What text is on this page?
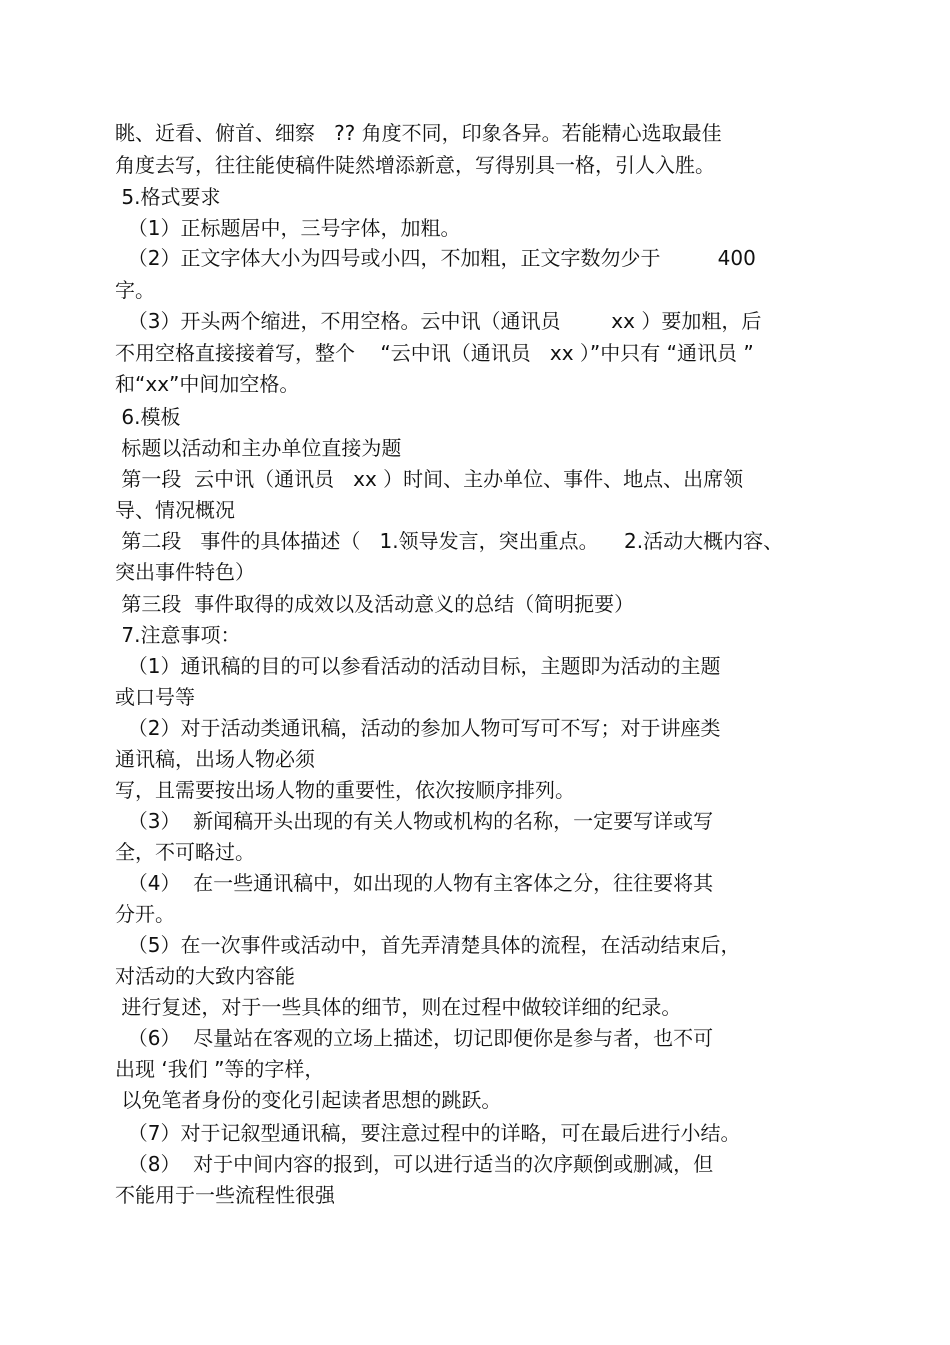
眺、近看、俯首、细察   ?? 角度不同，印象各异。若能精心选取最佳

角度去写，往往能使稿件陡然增添新意，写得别具一格，引人入胜。

5.格式要求

（1）正标题居中，三号字体，加粗。

（2）正文字体大小为四号或小四，不加粗，正文字数勿少于         400

字。

（3）开头两个缩进，不用空格。云中讯（通讯员        xx ）要加粗，后

不用空格直接接着写，整个    “云中讯（通讯员   xx ）”中只有 “通讯员 ”

和“xx”中间加空格。

6.模板

标题以活动和主办单位直接为题

第一段  云中讯（通讯员   xx ）时间、主办单位、事件、地点、出席领

导、情况概况

第二段   事件的具体描述（   1.领导发言，突出重点。    2.活动大概内容、

突出事件特色）

第三段  事件取得的成效以及活动意义的总结（简明扼要）

7.注意事项：

（1）通讯稿的目的可以参看活动的活动目标，主题即为活动的主题

或口号等

（2）对于活动类通讯稿，活动的参加人物可写可不写；对于讲座类

通讯稿，出场人物必须

写，且需要按出场人物的重要性，依次按顺序排列。

（3）  新闻稿开头出现的有关人物或机构的名称，一定要写详或写

全，不可略过。

（4）  在一些通讯稿中，如出现的人物有主客体之分，往往要将其

分开。

（5）在一次事件或活动中，首先弄清楚具体的流程，在活动结束后，

对活动的大致内容能

进行复述，对于一些具体的细节，则在过程中做较详细的纪录。

（6）  尽量站在客观的立场上描述，切记即便你是参与者，也不可

出现 ‘我们 ”等的字样，

以免笔者身份的变化引起读者思想的跳跃。

（7）对于记叙型通讯稿，要注意过程中的详略，可在最后进行小结。

（8）  对于中间内容的报到，可以进行适当的次序颠倒或删减，但

不能用于一些流程性很强
